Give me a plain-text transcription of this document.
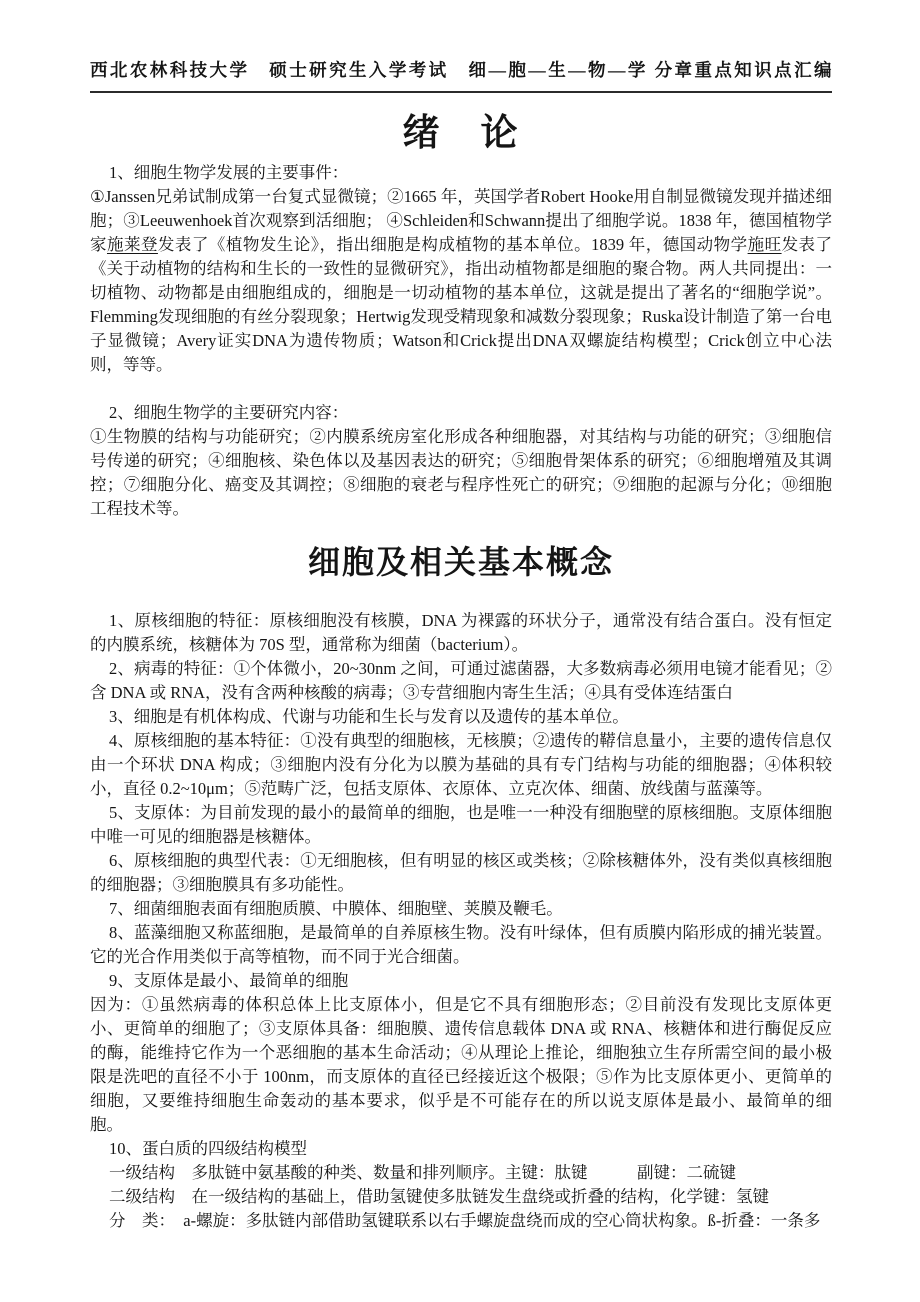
西北农林科技大学　硕士研究生入学考试　细—胞—生—物—学 分章重点知识点汇编
绪　论

1、细胞生物学发展的主要事件：

①Janssen兄弟试制成第一台复式显微镜；②1665 年，英国学者Robert Hooke用自制显微镜发现并描述细胞；③Leeuwenhoek首次观察到活细胞； ④Schleiden和Schwann提出了细胞学说。1838 年，德国植物学家施莱登发表了《植物发生论》，指出细胞是构成植物的基本单位。1839 年，德国动物学施旺发表了《关于动植物的结构和生长的一致性的显微研究》，指出动植物都是细胞的聚合物。两人共同提出：一切植物、动物都是由细胞组成的，细胞是一切动植物的基本单位，这就是提出了著名的“细胞学说”。Flemming发现细胞的有丝分裂现象；Hertwig发现受精现象和减数分裂现象；Ruska设计制造了第一台电子显微镜；Avery证实DNA为遗传物质；Watson和Crick提出DNA双螺旋结构模型；Crick创立中心法则，等等。

2、细胞生物学的主要研究内容：

①生物膜的结构与功能研究；②内膜系统房室化形成各种细胞器，对其结构与功能的研究；③细胞信号传递的研究；④细胞核、染色体以及基因表达的研究；⑤细胞骨架体系的研究；⑥细胞增殖及其调控；⑦细胞分化、癌变及其调控；⑧细胞的衰老与程序性死亡的研究；⑨细胞的起源与分化；⑩细胞工程技术等。

细胞及相关基本概念

1、原核细胞的特征：原核细胞没有核膜，DNA 为裸露的环状分子，通常没有结合蛋白。没有恒定的内膜系统，核糖体为 70S 型，通常称为细菌（bacterium）。

2、病毒的特征：①个体微小，20~30nm 之间，可通过滤菌器，大多数病毒必须用电镜才能看见；②含 DNA 或 RNA，没有含两种核酸的病毒；③专营细胞内寄生生活；④具有受体连结蛋白

3、细胞是有机体构成、代谢与功能和生长与发育以及遗传的基本单位。

4、原核细胞的基本特征：①没有典型的细胞核，无核膜；②遗传的鞯信息量小，主要的遗传信息仅由一个环状 DNA 构成；③细胞内没有分化为以膜为基础的具有专门结构与功能的细胞器；④体积较小，直径 0.2~10μm；⑤范畴广泛，包括支原体、衣原体、立克次体、细菌、放线菌与蓝藻等。

5、支原体：为目前发现的最小的最简单的细胞，也是唯一一种没有细胞壁的原核细胞。支原体细胞中唯一可见的细胞器是核糖体。

6、原核细胞的典型代表：①无细胞核，但有明显的核区或类核；②除核糖体外，没有类似真核细胞的细胞器；③细胞膜具有多功能性。

7、细菌细胞表面有细胞质膜、中膜体、细胞壁、荚膜及鞭毛。

8、蓝藻细胞又称蓝细胞，是最简单的自养原核生物。没有叶绿体，但有质膜内陷形成的捕光装置。它的光合作用类似于高等植物，而不同于光合细菌。

9、支原体是最小、最简单的细胞

因为：①虽然病毒的体积总体上比支原体小，但是它不具有细胞形态；②目前没有发现比支原体更小、更简单的细胞了；③支原体具备：细胞膜、遗传信息载体 DNA 或 RNA、核糖体和进行酶促反应的酶，能维持它作为一个恶细胞的基本生命活动；④从理论上推论，细胞独立生存所需空间的最小极限是洗吧的直径不小于 100nm，而支原体的直径已经接近这个极限；⑤作为比支原体更小、更简单的细胞，又要维持细胞生命轰动的基本要求，似乎是不可能存在的所以说支原体是最小、最简单的细胞。

10、蛋白质的四级结构模型

一级结构　多肽链中氨基酸的种类、数量和排列顺序。主键：肽键　　　副键：二硫键

二级结构　在一级结构的基础上，借助氢键使多肽链发生盘绕或折叠的结构，化学键：氢键

分　类：　a-螺旋：多肽链内部借助氢键联系以右手螺旋盘绕而成的空心筒状构象。ß-折叠：一条多
